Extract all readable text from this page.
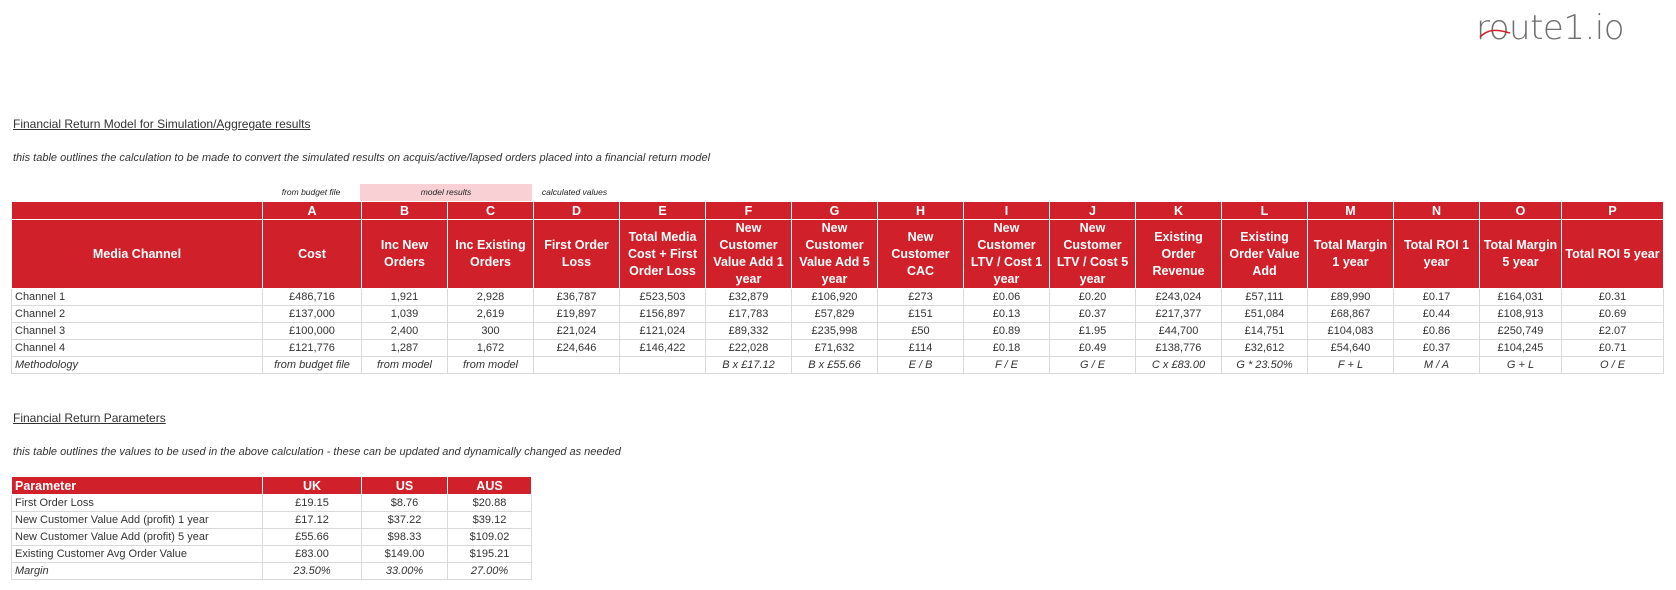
route1.io
Financial Return Model for Simulation/Aggregate results
this table outlines the calculation to be made to convert the simulated results on acquis/active/lapsed orders placed into a financial return model
from budget file	model results	calculated values
	A	B	C	D	E	F	G	H	I	J	K	L	M	N	O	P
Media Channel	Cost	Inc New Orders	Inc Existing Orders	First Order Loss	Total Media Cost + First Order Loss	New Customer Value Add 1 year	New Customer Value Add 5 year	New Customer CAC	New Customer LTV / Cost 1 year	New Customer LTV / Cost 5 year	Existing Order Revenue	Existing Order Value Add	Total Margin 1 year	Total ROI 1 year	Total Margin 5 year	Total ROI 5 year
Channel 1	£486,716	1,921	2,928	£36,787	£523,503	£32,879	£106,920	£273	£0.06	£0.20	£243,024	£57,111	£89,990	£0.17	£164,031	£0.31
Channel 2	£137,000	1,039	2,619	£19,897	£156,897	£17,783	£57,829	£151	£0.13	£0.37	£217,377	£51,084	£68,867	£0.44	£108,913	£0.69
Channel 3	£100,000	2,400	300	£21,024	£121,024	£89,332	£235,998	£50	£0.89	£1.95	£44,700	£14,751	£104,083	£0.86	£250,749	£2.07
Channel 4	£121,776	1,287	1,672	£24,646	£146,422	£22,028	£71,632	£114	£0.18	£0.49	£138,776	£32,612	£54,640	£0.37	£104,245	£0.71
Methodology	from budget file	from model	from model			B x £17.12	B x £55.66	E / B	F / E	G / E	C x £83.00	G * 23.50%	F + L	M / A	G + L	O / E
Financial Return Parameters
this table outlines the values to be used in the above calculation - these can be updated and dynamically changed as needed
Parameter	UK	US	AUS
First Order Loss	£19.15	$8.76	$20.88
New Customer Value Add (profit) 1 year	£17.12	$37.22	$39.12
New Customer Value Add (profit) 5 year	£55.66	$98.33	$109.02
Existing Customer Avg Order Value	£83.00	$149.00	$195.21
Margin	23.50%	33.00%	27.00%
